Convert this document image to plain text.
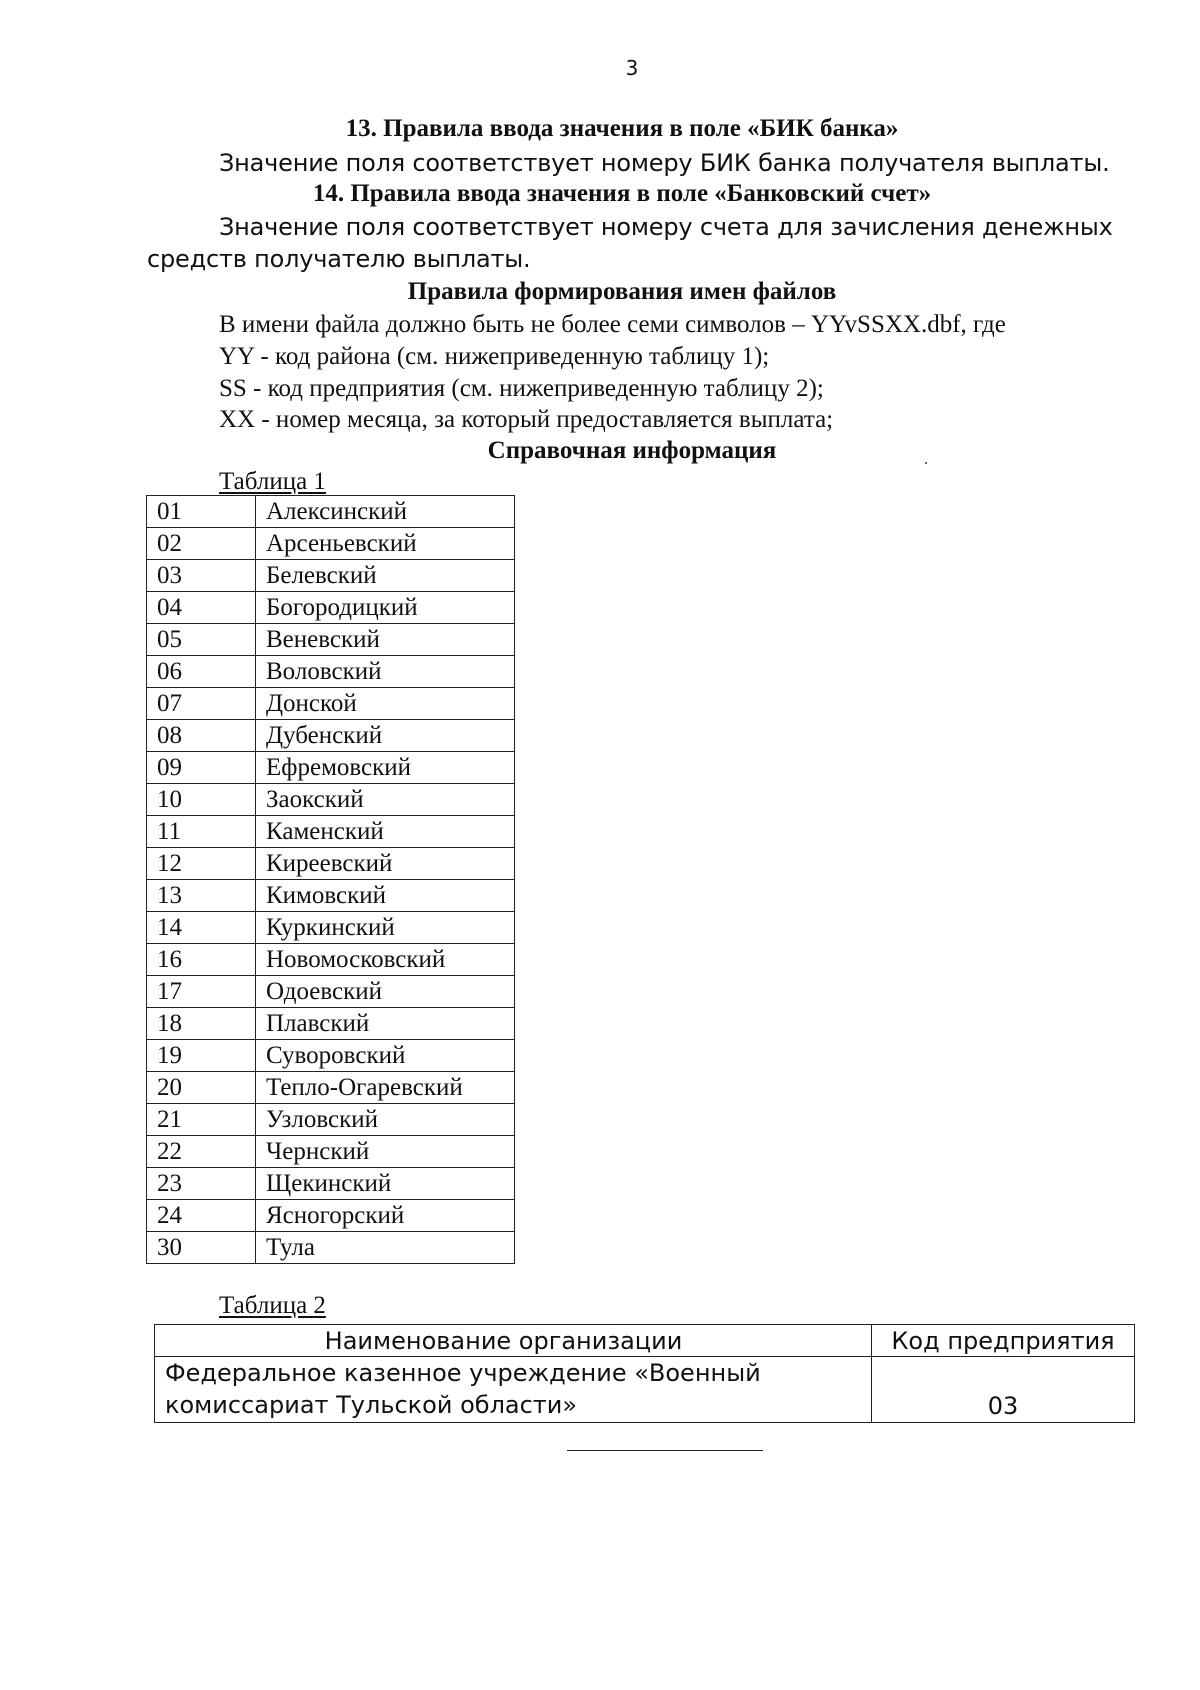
3
13. Правила ввода значения в поле «БИК банка»
Значение поля соответствует номеру БИК банка получателя выплаты.
14. Правила ввода значения в поле «Банковский счет»
Значение поля соответствует номеру счета для зачисления денежных
средств получателю выплаты.
Правила формирования имен файлов
В имени файла должно быть не более семи символов – YYvSSXX.dbf, где
YY - код района (см. нижеприведенную таблицу 1);
SS - код предприятия (см. нижеприведенную таблицу 2);
XX - номер месяца, за который предоставляется выплата;
Справочная информация
Таблица 1
01	Алексинский
02	Арсеньевский
03	Белевский
04	Богородицкий
05	Веневский
06	Воловский
07	Донской
08	Дубенский
09	Ефремовский
10	Заокский
11	Каменский
12	Киреевский
13	Кимовский
14	Куркинский
16	Новомосковский
17	Одоевский
18	Плавский
19	Суворовский
20	Тепло-Огаревский
21	Узловский
22	Чернский
23	Щекинский
24	Ясногорский
30	Тула
Таблица 2
Наименование организации	Код предприятия

Федеральное казенное учреждение «Военный
комиссариат Тульской области»	03
